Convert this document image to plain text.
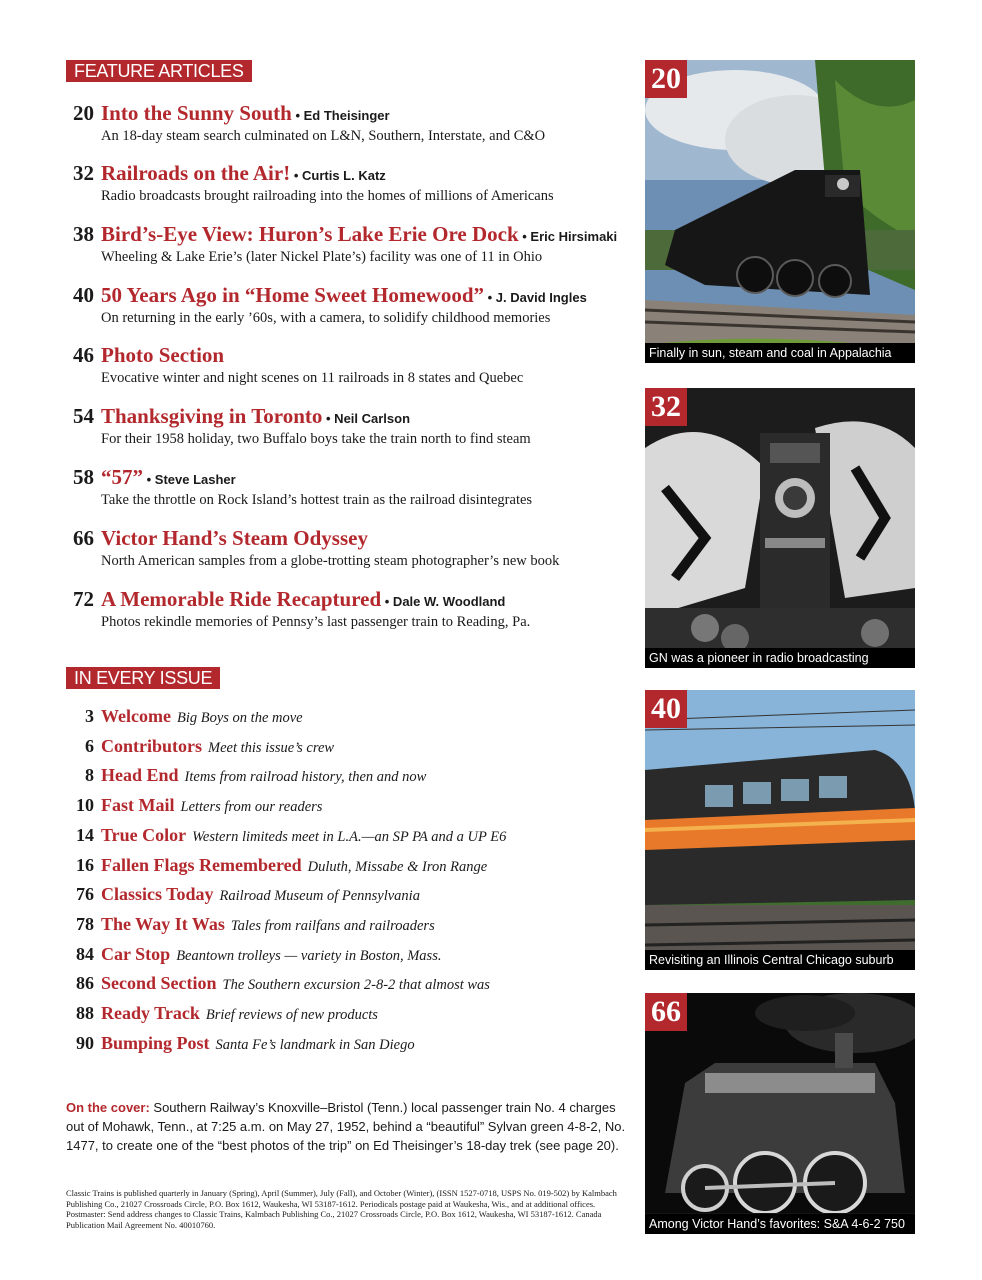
FEATURE ARTICLES
IN EVERY ISSUE
20 Into the Sunny South • Ed Theisinger
An 18-day steam search culminated on L&N, Southern, Interstate, and C&O
32 Railroads on the Air! • Curtis L. Katz
Radio broadcasts brought railroading into the homes of millions of Americans
38 Bird’s-Eye View: Huron’s Lake Erie Ore Dock • Eric Hirsimaki
Wheeling & Lake Erie’s (later Nickel Plate’s) facility was one of 11 in Ohio
40 50 Years Ago in “Home Sweet Homewood” • J. David Ingles
On returning in the early ’60s, with a camera, to solidify childhood memories
46 Photo Section
Evocative winter and night scenes on 11 railroads in 8 states and Quebec
54 Thanksgiving in Toronto • Neil Carlson
For their 1958 holiday, two Buffalo boys take the train north to find steam
58 “57” • Steve Lasher
Take the throttle on Rock Island’s hottest train as the railroad disintegrates
66 Victor Hand’s Steam Odyssey
North American samples from a globe-trotting steam photographer’s new book
72 A Memorable Ride Recaptured • Dale W. Woodland
Photos rekindle memories of Pennsy’s last passenger train to Reading, Pa.
3 Welcome Big Boys on the move
6 Contributors Meet this issue’s crew
8 Head End Items from railroad history, then and now
10 Fast Mail Letters from our readers
14 True Color Western limiteds meet in L.A.—an SP PA and a UP E6
16 Fallen Flags Remembered Duluth, Missabe & Iron Range
76 Classics Today Railroad Museum of Pennsylvania
78 The Way It Was Tales from railfans and railroaders
84 Car Stop Beantown trolleys — variety in Boston, Mass.
86 Second Section The Southern excursion 2-8-2 that almost was
88 Ready Track Brief reviews of new products
90 Bumping Post Santa Fe’s landmark in San Diego
On the cover: Southern Railway’s Knoxville–Bristol (Tenn.) local passenger train No. 4 charges out of Mohawk, Tenn., at 7:25 a.m. on May 27, 1952, behind a “beautiful” Sylvan green 4-8-2, No. 1477, to create one of the “best photos of the trip” on Ed Theisinger’s 18-day trek (see page 20).
Classic Trains is published quarterly in January (Spring), April (Summer), July (Fall), and October (Winter), (ISSN 1527-0718, USPS No. 019-502) by Kalmbach Publishing Co., 21027 Crossroads Circle, P.O. Box 1612, Waukesha, WI 53187-1612. Periodicals postage paid at Waukesha, Wis., and at additional offices. Postmaster: Send address changes to Classic Trains, Kalmbach Publishing Co., 21027 Crossroads Circle, P.O. Box 1612, Waukesha, WI 53187-1612. Canada Publication Mail Agreement No. 40010760.
20
Finally in sun, steam and coal in Appalachia
32
GN was a pioneer in radio broadcasting
40
Revisiting an Illinois Central Chicago suburb
66
Among Victor Hand’s favorites: S&A 4-6-2 750
